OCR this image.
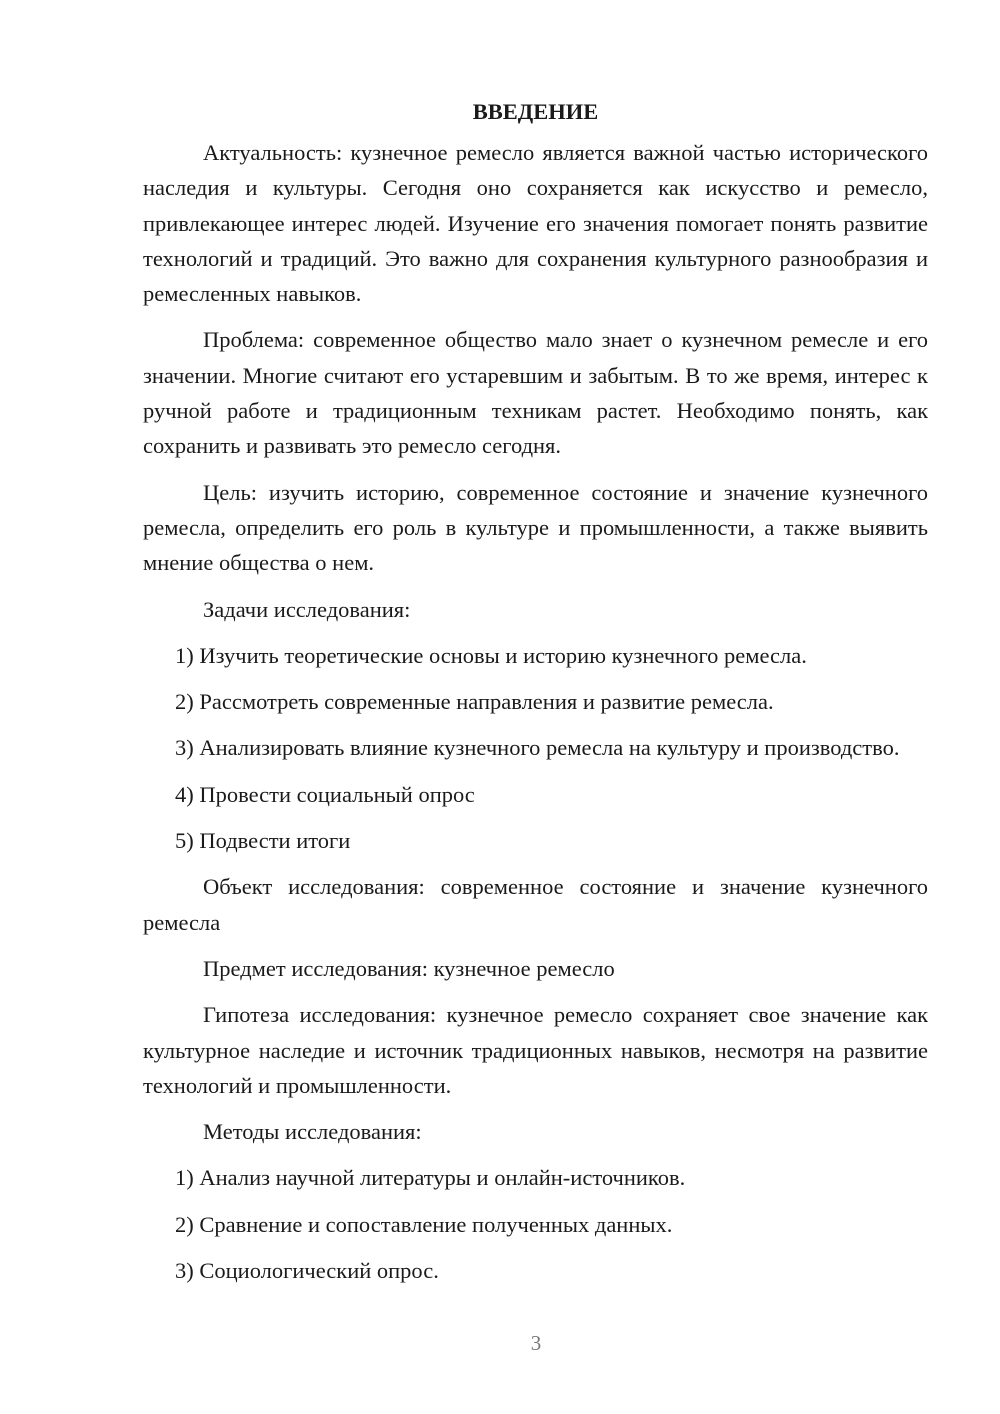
ВВЕДЕНИЕ

Актуальность: кузнечное ремесло является важной частью исторического наследия и культуры. Сегодня оно сохраняется как искусство и ремесло, привлекающее интерес людей. Изучение его значения помогает понять развитие технологий и традиций. Это важно для сохранения культурного разнообразия и ремесленных навыков.

Проблема: современное общество мало знает о кузнечном ремесле и его значении. Многие считают его устаревшим и забытым. В то же время, интерес к ручной работе и традиционным техникам растет. Необходимо понять, как сохранить и развивать это ремесло сегодня.

Цель: изучить историю, современное состояние и значение кузнечного ремесла, определить его роль в культуре и промышленности, а также выявить мнение общества о нем.

Задачи исследования:

1) Изучить теоретические основы и историю кузнечного ремесла.

2) Рассмотреть современные направления и развитие ремесла.

3) Анализировать влияние кузнечного ремесла на культуру и производство.

4) Провести социальный опрос

5) Подвести итоги

Объект исследования: современное состояние и значение кузнечного ремесла

Предмет исследования: кузнечное ремесло

Гипотеза исследования: кузнечное ремесло сохраняет свое значение как культурное наследие и источник традиционных навыков, несмотря на развитие технологий и промышленности.

Методы исследования:

1) Анализ научной литературы и онлайн-источников.

2) Сравнение и сопоставление полученных данных.

3) Социологический опрос.

3
